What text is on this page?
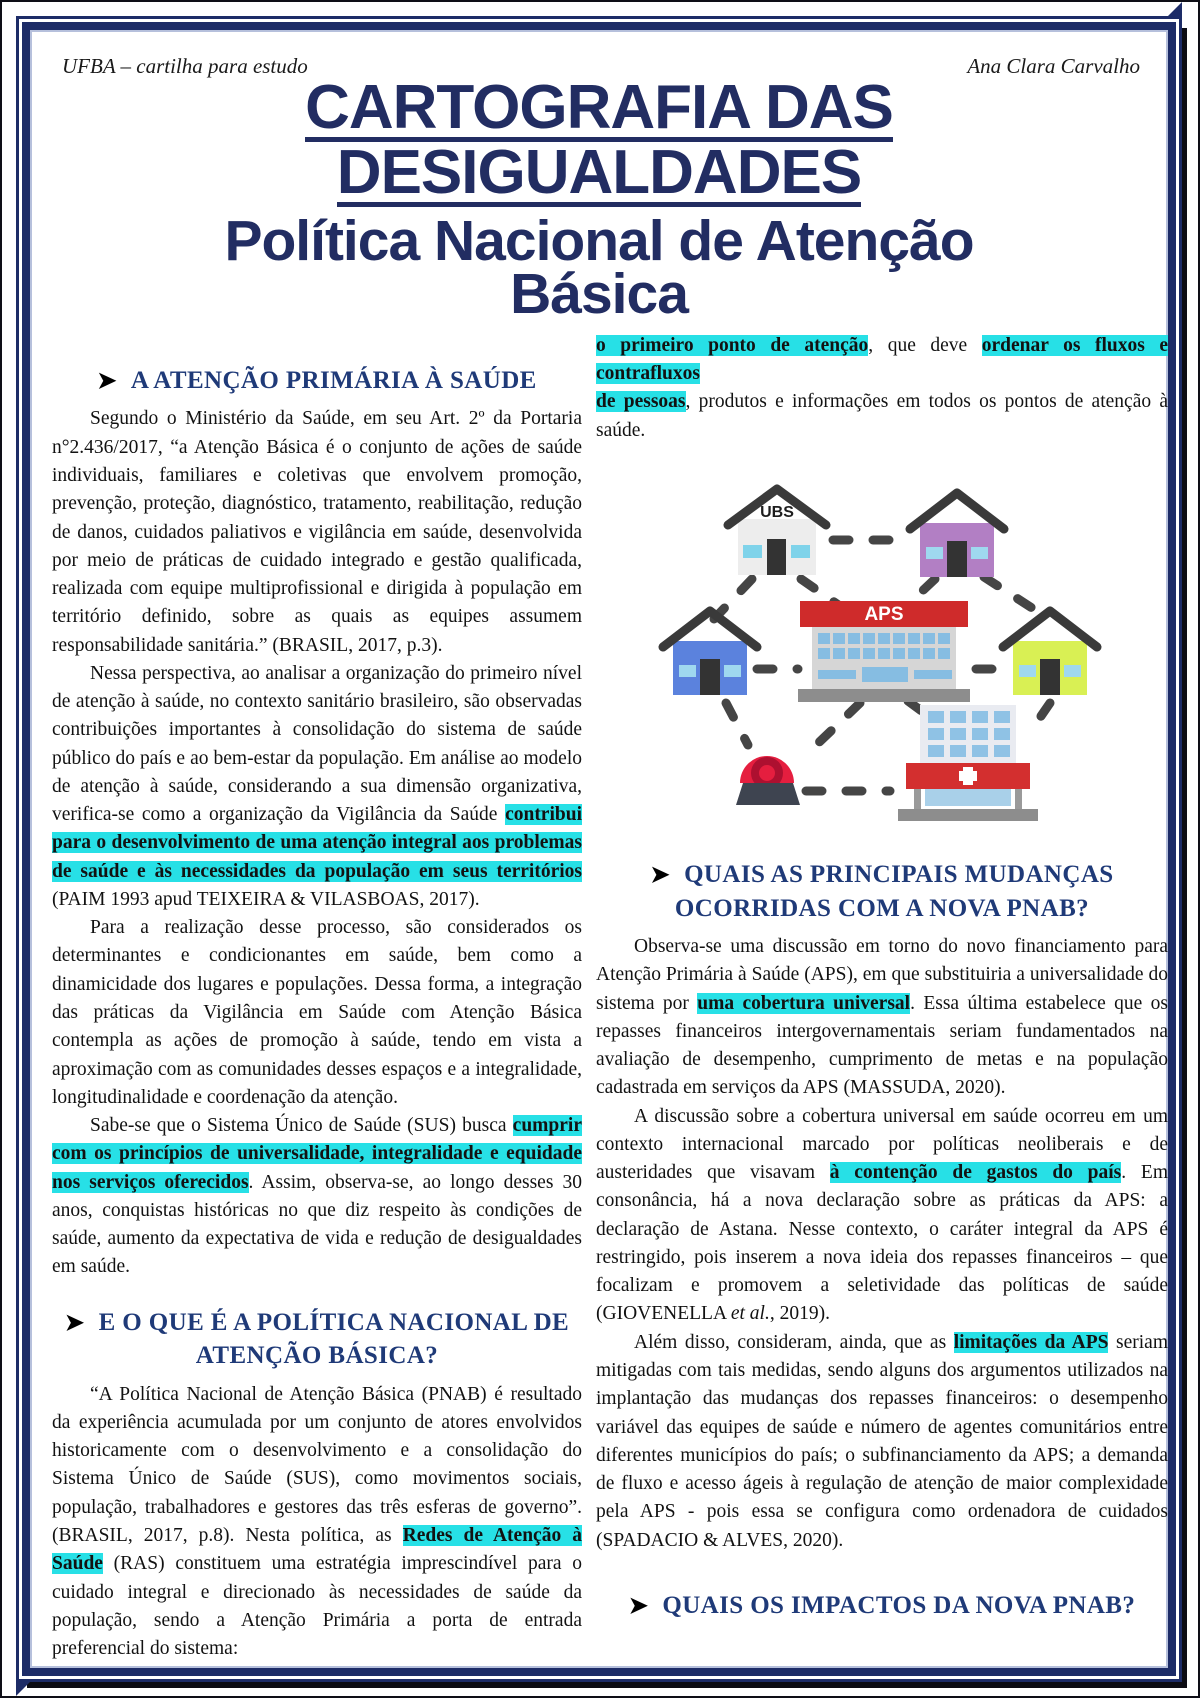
UFBA – cartilha para estudo	Ana Clara Carvalho
CARTOGRAFIA DAS
DESIGUALDADES
Política Nacional de Atenção
Básica
➤ A ATENÇÃO PRIMÁRIA À SAÚDE

Segundo o Ministério da Saúde, em seu Art. 2º da Portaria n°2.436/2017, “a Atenção Básica é o conjunto de ações de saúde individuais, familiares e coletivas que envolvem promoção, prevenção, proteção, diagnóstico, tratamento, reabilitação, redução de danos, cuidados paliativos e vigilância em saúde, desenvolvida por meio de práticas de cuidado integrado e gestão qualificada, realizada com equipe multiprofissional e dirigida à população em território definido, sobre as quais as equipes assumem responsabilidade sanitária.” (BRASIL, 2017, p.3).

Nessa perspectiva, ao analisar a organização do primeiro nível de atenção à saúde, no contexto sanitário brasileiro, são observadas contribuições importantes à consolidação do sistema de saúde público do país e ao bem-estar da população. Em análise ao modelo de atenção à saúde, considerando a sua dimensão organizativa, verifica-se como a organização da Vigilância da Saúde contribui para o desenvolvimento de uma atenção integral aos problemas de saúde e às necessidades da população em seus territórios (PAIM 1993 apud TEIXEIRA & VILASBOAS, 2017).

Para a realização desse processo, são considerados os determinantes e condicionantes em saúde, bem como a dinamicidade dos lugares e populações. Dessa forma, a integração das práticas da Vigilância em Saúde com Atenção Básica contempla as ações de promoção à saúde, tendo em vista a aproximação com as comunidades desses espaços e a integralidade, longitudinalidade e coordenação da atenção.

Sabe-se que o Sistema Único de Saúde (SUS) busca cumprir com os princípios de universalidade, integralidade e equidade nos serviços oferecidos. Assim, observa-se, ao longo desses 30 anos, conquistas históricas no que diz respeito às condições de saúde, aumento da expectativa de vida e redução de desigualdades em saúde.

➤ E O QUE É A POLÍTICA NACIONAL DE
ATENÇÃO BÁSICA?

“A Política Nacional de Atenção Básica (PNAB) é resultado da experiência acumulada por um conjunto de atores envolvidos historicamente com o desenvolvimento e a consolidação do Sistema Único de Saúde (SUS), como movimentos sociais, população, trabalhadores e gestores das três esferas de governo”. (BRASIL, 2017, p.8). Nesta política, as Redes de Atenção à Saúde (RAS) constituem uma estratégia imprescindível para o cuidado integral e direcionado às necessidades de saúde da população, sendo a Atenção Primária a porta de entrada preferencial do sistema:

o primeiro ponto de atenção, que deve ordenar os fluxos e contrafluxos
de pessoas, produtos e informações em todos os pontos de atenção à saúde.

UBS
APS
➤ QUAIS AS PRINCIPAIS MUDANÇAS
OCORRIDAS COM A NOVA PNAB?

Observa-se uma discussão em torno do novo financiamento para Atenção Primária à Saúde (APS), em que substituiria a universalidade do sistema por uma cobertura universal. Essa última estabelece que os repasses financeiros intergovernamentais seriam fundamentados na avaliação de desempenho, cumprimento de metas e na população cadastrada em serviços da APS (MASSUDA, 2020).

A discussão sobre a cobertura universal em saúde ocorreu em um contexto internacional marcado por políticas neoliberais e de austeridades que visavam à contenção de gastos do país. Em consonância, há a nova declaração sobre as práticas da APS: a declaração de Astana. Nesse contexto, o caráter integral da APS é restringido, pois inserem a nova ideia dos repasses financeiros – que focalizam e promovem a seletividade das políticas de saúde (GIOVENELLA et al., 2019).

Além disso, consideram, ainda, que as limitações da APS seriam mitigadas com tais medidas, sendo alguns dos argumentos utilizados na implantação das mudanças dos repasses financeiros: o desempenho variável das equipes de saúde e número de agentes comunitários entre diferentes municípios do país; o subfinanciamento da APS; a demanda de fluxo e acesso ágeis à regulação de atenção de maior complexidade pela APS - pois essa se configura como ordenadora de cuidados (SPADACIO & ALVES, 2020).

➤ QUAIS OS IMPACTOS DA NOVA PNAB?
